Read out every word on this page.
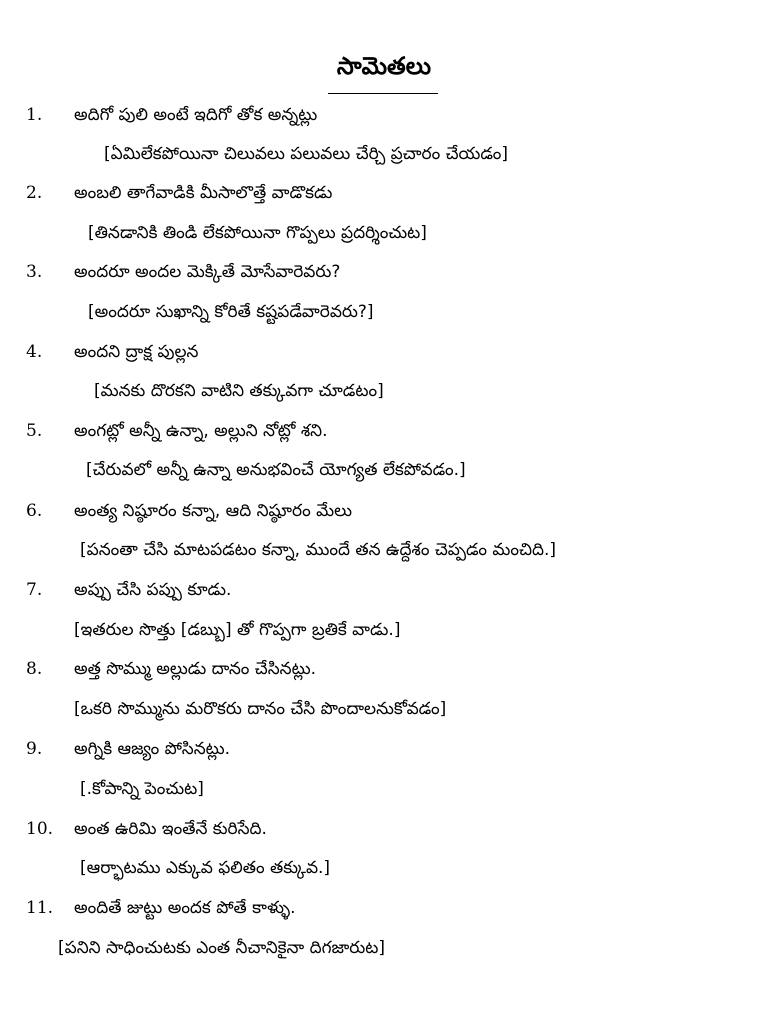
సామెతలు
1.	అదిగో పులి అంటే ఇదిగో తోక అన్నట్లు
[ఏమిలేకపోయినా చిలువలు పలువలు చేర్చి ప్రచారం చేయడం]
2.	అంబలి తాగేవాడికి మీసాలొత్తే వాడొకడు
[తినడానికి తిండి లేకపోయినా గొప్పలు ప్రదర్శించుట]
3.	అందరూ అందల మెక్కితే మోసేవారెవరు?
[అందరూ సుఖాన్ని కోరితే కష్టపడేవారెవరు?]
4.	అందని ద్రాక్ష పుల్లన
[మనకు దొరకని వాటిని తక్కువగా చూడటం]
5.	అంగట్లో అన్నీ ఉన్నా, అల్లుని నోట్లో శని.
[చేరువలో అన్నీ ఉన్నా అనుభవించే యోగ్యత లేకపోవడం.]
6.	అంత్య నిష్ఠూరం కన్నా, ఆది నిష్ఠూరం మేలు
[పనంతా చేసి మాటపడటం కన్నా, ముందే తన ఉద్దేశం చెప్పడం మంచిది.]
7.	అప్పు చేసి పప్పు కూడు.
[ఇతరుల సొత్తు [డబ్బు] తో గొప్పగా బ్రతికే వాడు.]
8.	అత్త సొమ్ము అల్లుడు దానం చేసినట్లు.
[ఒకరి సొమ్మును మరొకరు దానం చేసి పొందాలనుకోవడం]
9.	అగ్నికి ఆజ్యం పోసినట్లు.
[.కోపాన్ని పెంచుట]
10.	అంత ఉరిమి ఇంతేనే కురిసేది.
[ఆర్భాటము ఎక్కువ ఫలితం తక్కువ.]
11.	అందితే జుట్టు అందక పోతే కాళ్ళు.
[పనిని సాధించుటకు ఎంత నీచానికైనా దిగజారుట]
